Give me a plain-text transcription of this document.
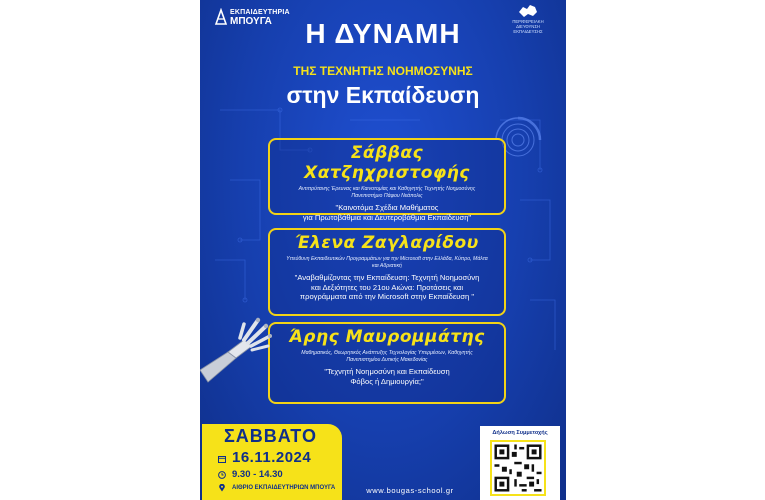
ΕΚΠΑΙΔΕΥΤΗΡΙΑ
ΜΠΟΥΓΑ	ΠΕΡΙΦΕΡΕΙΑΚΗ
ΔΙΕΥΘΥΝΣΗ
ΕΚΠΑΙΔΕΥΣΗΣ
Η ΔΥΝΑΜΗ
ΤΗΣ ΤΕΧΝΗΤΗΣ ΝΟΗΜΟΣΥΝΗΣ
στην Εκπαίδευση
Σάββας Χατζηχριστοφής
Αντιπρύτανης Έρευνας και Καινοτομίας και Καθηγητής Τεχνητής Νοημοσύνης Πανεπιστήμιο Πάφου Νεάπολις
"Καινοτόμα Σχέδια Μαθήματος
για Πρωτοβάθμια και Δευτεροβάθμια Εκπαίδευση"
Έλενα Ζαγλαρίδου
Υπεύθυνη Εκπαιδευτικών Προγραμμάτων για την Microsoft στην Ελλάδα, Κύπρο, Μάλτα και Αδριατική
"Αναβαθμίζοντας την Εκπαίδευση: Τεχνητή Νοημοσύνη
και Δεξιότητες του 21ου Αιώνα: Προτάσεις και
προγράμματα από την Microsoft στην Εκπαίδευση "
Άρης Μαυρομμάτης
Μαθηματικός, Θεωρητικός Ανάπτυξης Τεχνολογίας Υπερμέσων, Καθηγητής Πανεπιστημίου Δυτικής Μακεδονίας
"Τεχνητή Νοημοσύνη και Εκπαίδευση
Φόβος ή Δημιουργία;"
ΣΑΒΒΑΤΟ
16.11.2024
9.30 - 14.30
ΑΙΘΡΙΟ ΕΚΠΑΙΔΕΥΤΗΡΙΩΝ ΜΠΟΥΓΑ	www.bougas-school.gr
Δήλωση Συμμετοχής
